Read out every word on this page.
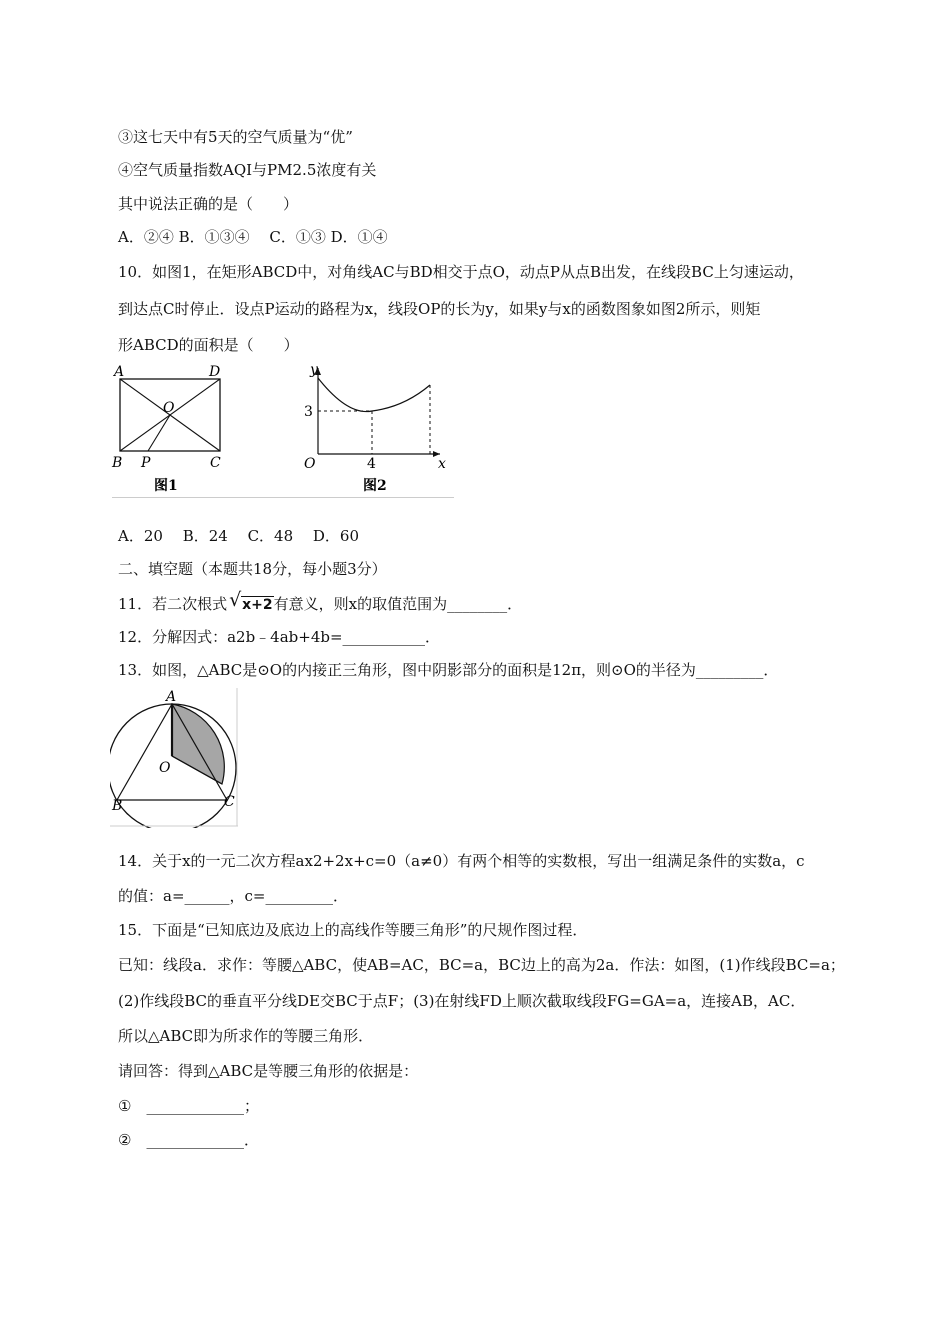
③这七天中有5天的空气质量为“优”
④空气质量指数AQI与PM2.5浓度有关
其中说法正确的是（　　）
A．②④ B．①③④　 C．①③ D．①④
10．如图1，在矩形ABCD中，对角线AC与BD相交于点O，动点P从点B出发，在线段BC上匀速运动，
到达点C时停止．设点P运动的路程为x，线段OP的长为y，如果y与x的函数图象如图2所示，则矩
形ABCD的面积是（　　）
A	D
O
B P	C
图1
y
3
O	4	x
图2
A．20　 B．24　 C．48　 D．60
二、填空题（本题共18分，每小题3分）
11．若二次根式 √ x+2有意义，则x的取值范围为________．
12．分解因式：a2b﹣4ab+4b=___________．
13．如图，△ABC是⊙O的内接正三角形，图中阴影部分的面积是12π，则⊙O的半径为_________．
A
O
B	C
14．关于x的一元二次方程ax2+2x+c=0（a≠0）有两个相等的实数根，写出一组满足条件的实数a，c
的值：a=______，c=_________．
15．下面是“已知底边及底边上的高线作等腰三角形”的尺规作图过程．
已知：线段a．求作：等腰△ABC，使AB=AC，BC=a，BC边上的高为2a．作法：如图，(1)作线段BC=a；
(2)作线段BC的垂直平分线DE交BC于点F；(3)在射线FD上顺次截取线段FG=GA=a，连接AB，AC．
所以△ABC即为所求作的等腰三角形．
请回答：得到△ABC是等腰三角形的依据是：
①　_____________；
②　_____________．
